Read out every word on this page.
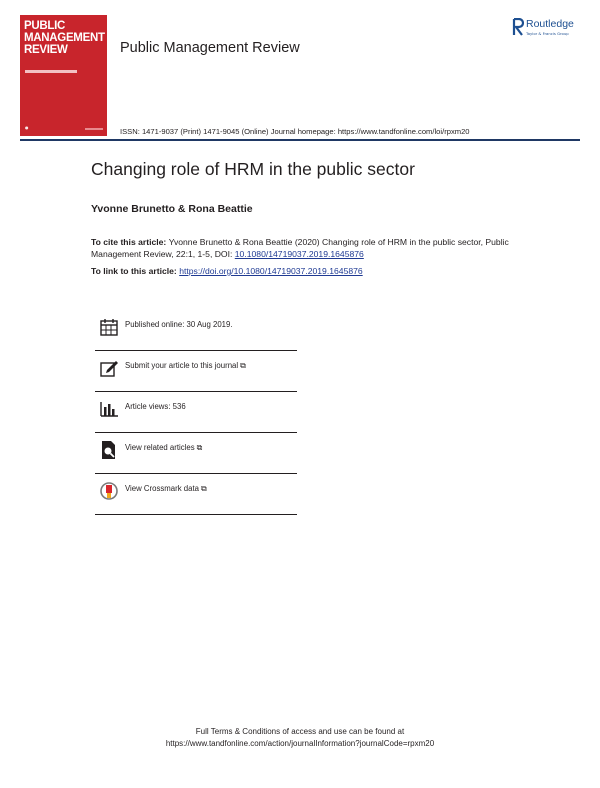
PUBLIC
MANAGEMENT
REVIEW
●
Public Management Review
Routledge
Taylor & Francis Group
ISSN: 1471-9037 (Print) 1471-9045 (Online) Journal homepage: https://www.tandfonline.com/loi/rpxm20
Changing role of HRM in the public sector
Yvonne Brunetto & Rona Beattie
To cite this article: Yvonne Brunetto & Rona Beattie (2020) Changing role of HRM in the public sector, Public Management Review, 22:1, 1-5, DOI: 10.1080/14719037.2019.1645876
To link to this article: https://doi.org/10.1080/14719037.2019.1645876
Published online: 30 Aug 2019.
Submit your article to this journal ⧉
Article views: 536
View related articles ⧉
View Crossmark data ⧉
Full Terms & Conditions of access and use can be found at
https://www.tandfonline.com/action/journalInformation?journalCode=rpxm20
